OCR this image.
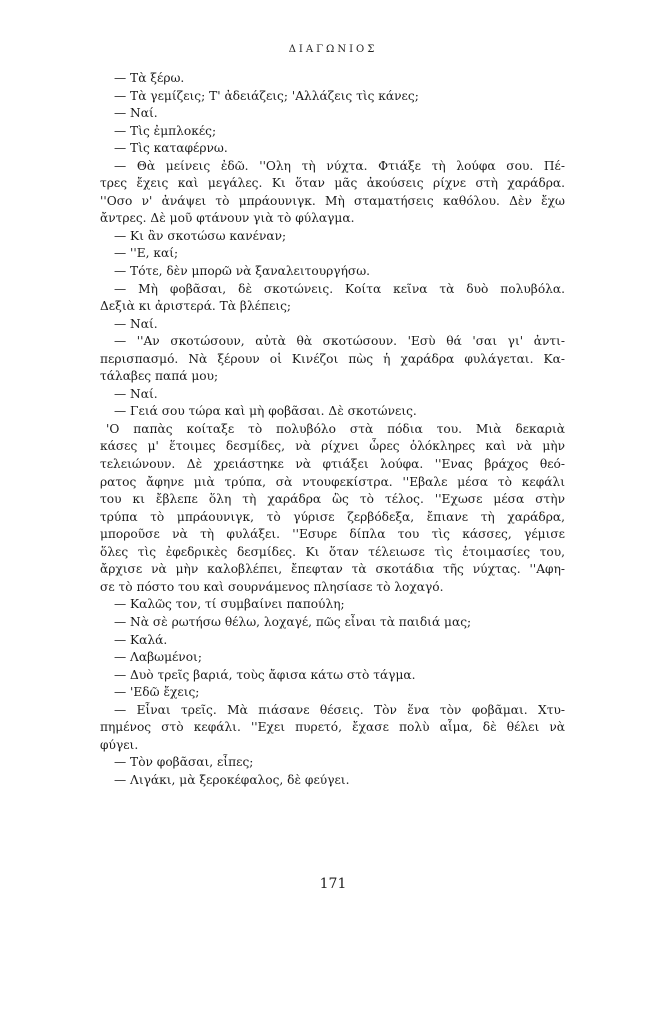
ΔΙΑΓΩΝΙΟΣ
— Τὰ ξέρω.
— Τὰ γεμίζεις; Τ' ἀδειάζεις; 'Αλλάζεις τὶς κάνες;
— Ναί.
— Τὶς ἐμπλοκές;
— Τὶς καταφέρνω.
— Θὰ μείνεις ἐδῶ. ''Ολη τὴ νύχτα. Φτιάξε τὴ λούφα σου. Πέ-
τρες ἔχεις καὶ μεγάλες. Κι ὅταν μᾶς ἀκούσεις ρίχνε στὴ χαράδρα.
''Οσο ν' ἀνάψει τὸ μπράουνιγκ. Μὴ σταματήσεις καθόλου. Δὲν ἔχω
ἄντρες. Δὲ μοῦ φτάνουν γιὰ τὸ φύλαγμα.
— Κι ἂν σκοτώσω κανέναν;
— ''Ε, καί;
— Τότε, δὲν μπορῶ νὰ ξαναλειτουργήσω.
— Μὴ φοβᾶσαι, δὲ σκοτώνεις. Κοίτα κεῖνα τὰ δυὸ πολυβόλα.
Δεξιὰ κι ἀριστερά. Τὰ βλέπεις;
— Ναί.
— ''Αν σκοτώσουν, αὐτὰ θὰ σκοτώσουν. 'Εσὺ θά 'σαι γι' ἀντι-
περισπασμό. Νὰ ξέρουν οἱ Κινέζοι πὼς ἡ χαράδρα φυλάγεται. Κα-
τάλαβες παπά μου;
— Ναί.
— Γειά σου τώρα καὶ μὴ φοβᾶσαι. Δὲ σκοτώνεις.
'Ο παπὰς κοίταξε τὸ πολυβόλο στὰ πόδια του. Μιὰ δεκαριὰ
κάσες μ' ἕτοιμες δεσμίδες, νὰ ρίχνει ὧρες ὁλόκληρες καὶ νὰ μὴν
τελειώνουν. Δὲ χρειάστηκε νὰ φτιάξει λούφα. ''Ενας βράχος θεό-
ρατος ἄφηνε μιὰ τρύπα, σὰ ντουφεκίστρα. ''Εβαλε μέσα τὸ κεφάλι
του κι ἔβλεπε ὅλη τὴ χαράδρα ὣς τὸ τέλος. ''Εχωσε μέσα στὴν
τρύπα τὸ μπράουνιγκ, τὸ γύρισε ζερβόδεξα, ἔπιανε τὴ χαράδρα,
μποροῦσε νὰ τὴ φυλάξει. ''Εσυρε δίπλα του τὶς κάσσες, γέμισε
ὅλες τὶς ἐφεδρικὲς δεσμίδες. Κι ὅταν τέλειωσε τὶς ἑτοιμασίες του,
ἄρχισε νὰ μὴν καλοβλέπει, ἔπεφταν τὰ σκοτάδια τῆς νύχτας. ''Αφη-
σε τὸ πόστο του καὶ σουρνάμενος πλησίασε τὸ λοχαγό.
— Καλῶς τον, τί συμβαίνει παπούλη;
— Νὰ σὲ ρωτήσω θέλω, λοχαγέ, πῶς εἶναι τὰ παιδιά μας;
— Καλά.
— Λαβωμένοι;
— Δυὸ τρεῖς βαριά, τοὺς ἄφισα κάτω στὸ τάγμα.
— 'Εδῶ ἔχεις;
— Εἶναι τρεῖς. Μὰ πιάσανε θέσεις. Τὸν ἕνα τὸν φοβᾶμαι. Χτυ-
πημένος στὸ κεφάλι. ''Εχει πυρετό, ἔχασε πολὺ αἷμα, δὲ θέλει νὰ
φύγει.
— Τὸν φοβᾶσαι, εἶπες;
— Λιγάκι, μὰ ξεροκέφαλος, δὲ φεύγει.
171
